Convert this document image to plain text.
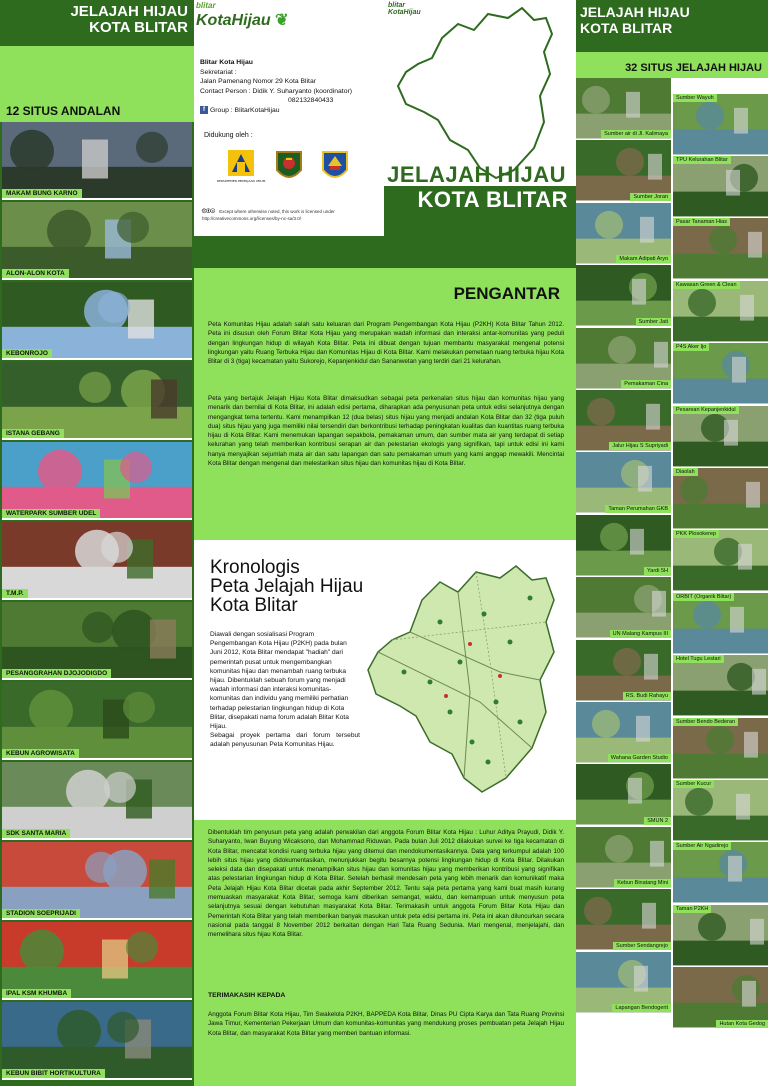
JELAJAH HIJAU
KOTA BLITAR
12 SITUS ANDALAN
MAKAM BUNG KARNO
ALON-ALON KOTA
KEBONROJO
ISTANA GEBANG
WATERPARK SUMBER UDEL
T.M.P.
PESANGGRAHAN DJOJODIGDO
KEBUN AGROWISATA
SDK SANTA MARIA
STADION SOEPRIJADI
IPAL KSM KHUMBA
KEBUN BIBIT HORTIKULTURA
blitar
KotaHijau ❦
Blitar Kota Hijau
Sekretariat :
Jalan Pamenang Nomor 29 Kota Blitar
Contact Person : Didik Y. Suharyanto (koordinator)
082132840433
f Group : BlitarKotaHijau
Didukung oleh :
DEPARTEMEN PEKERJAAN UMUM
🅭🅯⊜ Except where otherwise noted, this work is licensed under http://creativecommons.org/licenses/by-nc-sa/3.0/
blitar
KotaHijau
JELAJAH HIJAU
KOTA BLITAR
PENGANTAR
Peta Komunitas Hijau adalah salah satu keluaran dari Program Pengembangan Kota Hijau (P2KH) Kota Blitar Tahun 2012. Peta ini disusun oleh Forum Blitar Kota Hijau yang merupakan wadah informasi dan interaksi antar-komunitas yang peduli dengan lingkungan hidup di wilayah Kota Blitar. Peta ini dibuat dengan tujuan membantu masyarakat mengenal potensi lingkungan yaitu Ruang Terbuka Hijau dan Komunitas Hijau di Kota Blitar. Kami melakukan pemetaan ruang terbuka hijau Kota Blitar di 3 (tiga) kecamatan yaitu Sukorejo, Kepanjenkidul dan Sananwetan yang terdiri dari 21 kelurahan.
Peta yang bertajuk Jelajah Hijau Kota Blitar dimaksudkan sebagai peta perkenalan situs hijau dan komunitas hijau yang menarik dan bernilai di Kota Blitar, ini adalah edisi pertama, diharapkan ada penyusunan peta untuk edisi selanjutnya dengan mengangkat tema tertentu. Kami menampilkan 12 (dua belas) situs hijau yang menjadi andalan Kota Blitar dan 32 (tiga puluh dua) situs hijau yang juga memiliki nilai tersendiri dan berkontribusi terhadap peningkatan kualitas dan kuantitas ruang terbuka hijau di Kota Blitar. Kami menemukan lapangan sepakbola, pemakaman umum, dan sumber mata air yang terdapat di setiap kelurahan yang telah memberikan kontribusi serapan air dan pelestarian ekologis yang signifikan, tapi untuk edisi ini kami hanya menyajikan sejumlah mata air dan satu lapangan dan satu pemakaman umum yang kami anggap mewakili. Mencintai Kota Blitar dengan mengenal dan melestarikan situs hijau dan komunitas hijau di Kota Blitar.
Kronologis
Peta Jelajah Hijau
Kota Blitar
Diawali dengan sosialisasi Program Pengembangan Kota Hijau (P2KH) pada bulan Juni 2012, Kota Blitar mendapat "hadiah" dari pemerintah pusat untuk mengembangkan komunitas hijau dan menambah ruang terbuka hijau. Dibentuklah sebuah forum yang menjadi wadah informasi dan interaksi komunitas-komunitas dan individu yang memiliki perhatian terhadap pelestarian lingkungan hidup di Kota Blitar, disepakati nama forum adalah Blitar Kota Hijau.
Sebagai proyek pertama dari forum tersebut adalah penyusunan Peta Komunitas Hijau.
Dibentuklah tim penyusun peta yang adalah perwakilan dari anggota Forum Blitar Kota Hijau : Luhur Aditya Prayudi, Didik Y. Suharyanto, Iwan Buyung Wicaksono, dan Mohammad Riduwan. Pada bulan Juli 2012 dilakukan survei ke tiga kecamatan di Kota Blitar, mencatat kondisi ruang terbuka hijau yang ditemui dan mendokumentasikannya. Data yang terkumpul adalah 100 lebih situs hijau yang didokumentasikan, menunjukkan begitu besarnya potensi lingkungan hidup di Kota Blitar. Dilakukan seleksi data dan disepakati untuk menampilkan situs hijau dan komunitas hijau yang memberikan kontribusi yang signifikan atas pelestarian lingkungan hidup di Kota Blitar. Setelah berhasil mendesain peta yang lebih menarik dan komunikatif maka Peta Jelajah Hijau Kota Blitar dicetak pada akhir September 2012. Tentu saja peta pertama yang kami buat masih kurang memuaskan masyarakat Kota Blitar, semoga kami diberikan semangat, waktu, dan kemampuan untuk menyusun peta selanjutnya sesuai dengan kebutuhan masyarakat Kota Blitar. Terimakasih untuk anggota Forum Blitar Kota Hijau dan Pemerintah Kota Blitar yang telah memberikan banyak masukan untuk peta edisi pertama ini. Peta ini akan diluncurkan secara nasional pada tanggal 8 November 2012 berkaitan dengan Hari Tata Ruang Sedunia. Mari mengenal, menjelajahi, dan memelihara situs hijau Kota Blitar.
TERIMAKASIH KEPADA
Anggota Forum Blitar Kota Hijau, Tim Swakelola P2KH, BAPPEDA Kota Blitar, Dinas PU Cipta Karya dan Tata Ruang Provinsi Jawa Timur, Kementerian Pekerjaan Umum dan komunitas-komunitas yang mendukung proses pembuatan peta Jelajah Hijau Kota Blitar, dan masyarakat Kota Blitar yang memberi bantuan informasi.
JELAJAH HIJAU
KOTA BLITAR
32 SITUS JELAJAH HIJAU
Sumber air di Jl. Kalimaya
Sumber Wayuh
Sumber Joran
TPU Kelurahan Blitar
Makam Adipati Aryo
Pasar Tanaman Hias
Sumber Jati
Kawasan Green & Clean
Pemakaman Cina
P4S Aker Ijo
Jalur Hijau S Supriyadi
Pesarean Kepanjenkidul
Taman Perumahan GKB
Diaolah
Yardi 5H
PKK Plosokerep
UN Malang Kampus III
ORBIT (Organik Blitar)
RS. Budi Rahayu
Hotel Tugu Lestari
Wahana Garden Studio
Sumber Bendo Bederan
SMUN 2
Sumber Kucur
Kebun Binatang Mini
Sumber Air Ngadirejo
Sumber Sendangrejo
Taman P2KH
Lapangan Bendogerit
Hutan Kota Gedog
